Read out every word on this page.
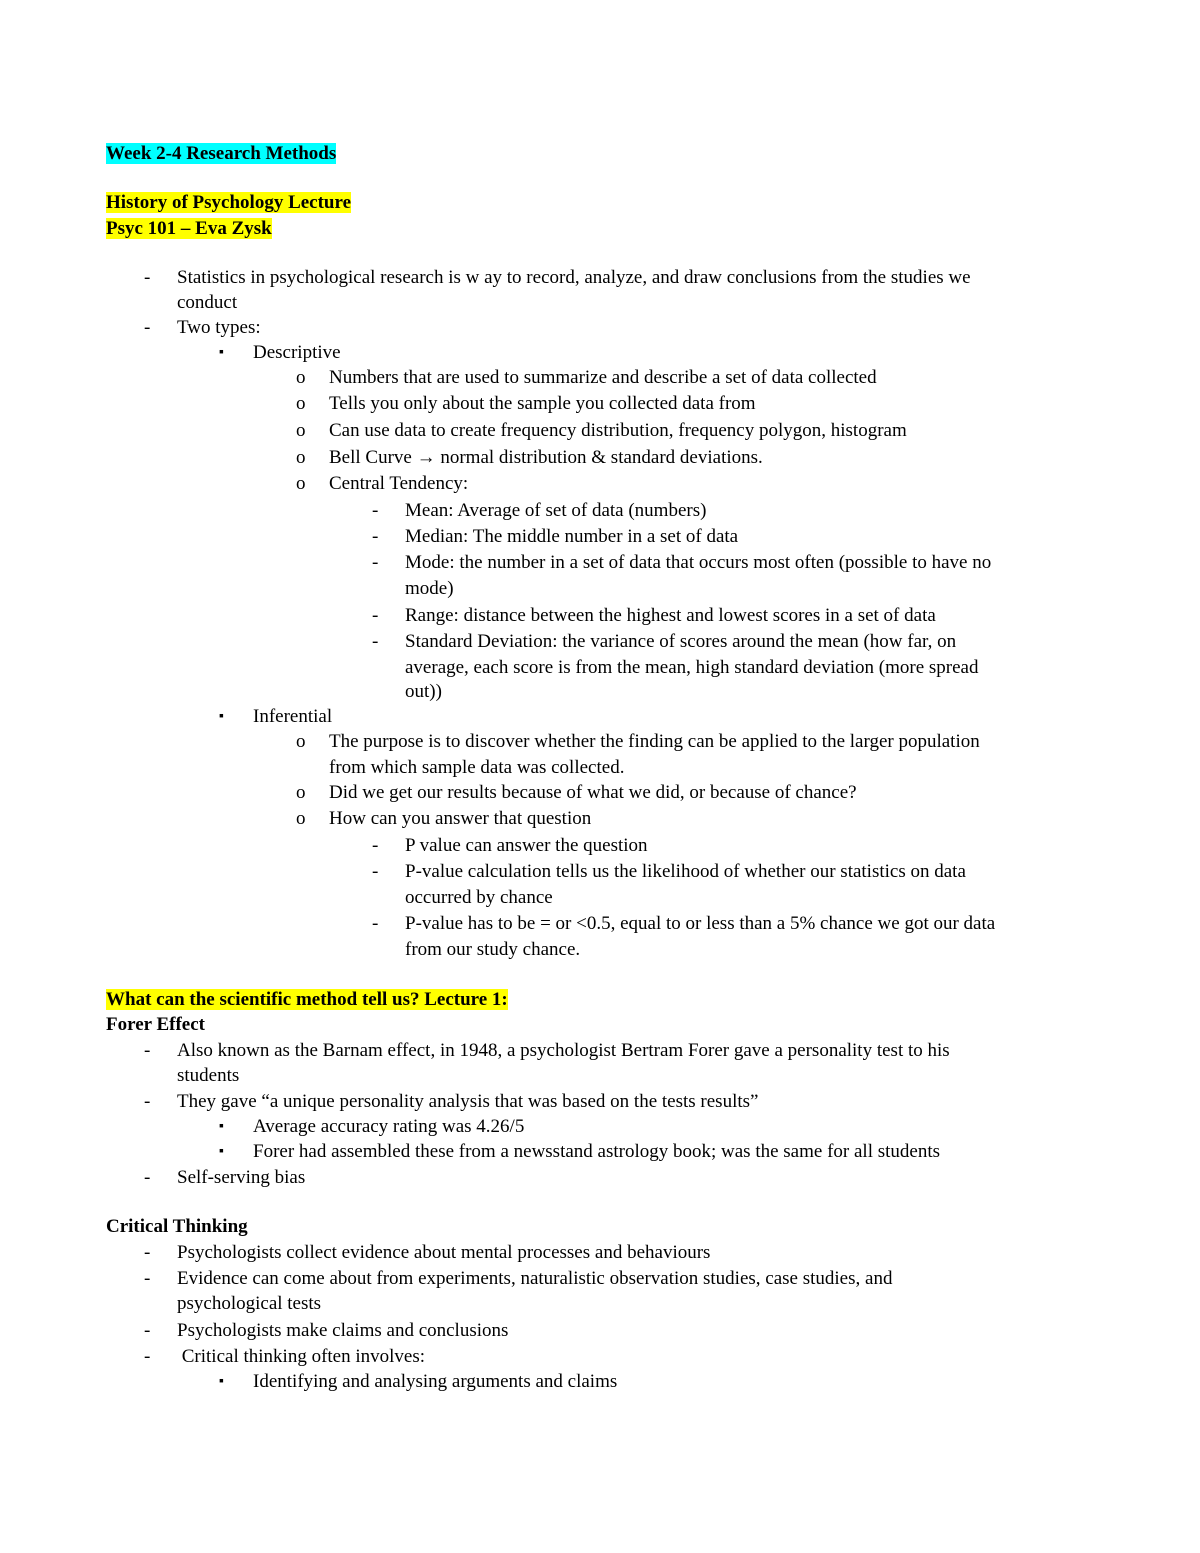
Week 2-4 Research Methods
History of Psychology Lecture
Psyc 101 – Eva Zysk
- Statistics in psychological research is w ay to record, analyze, and draw conclusions from the studies we
conduct
- Two types:
▪ Descriptive
o Numbers that are used to summarize and describe a set of data collected
o Tells you only about the sample you collected data from
o Can use data to create frequency distribution, frequency polygon, histogram
o Bell Curve → normal distribution & standard deviations.
o Central Tendency:
- Mean: Average of set of data (numbers)
- Median: The middle number in a set of data
- Mode: the number in a set of data that occurs most often (possible to have no
mode)
- Range: distance between the highest and lowest scores in a set of data
- Standard Deviation: the variance of scores around the mean (how far, on
average, each score is from the mean, high standard deviation (more spread
out))
▪ Inferential
o The purpose is to discover whether the finding can be applied to the larger population
from which sample data was collected.
o Did we get our results because of what we did, or because of chance?
o How can you answer that question
- P value can answer the question
- P-value calculation tells us the likelihood of whether our statistics on data
occurred by chance
- P-value has to be = or <0.5, equal to or less than a 5% chance we got our data
from our study chance.
What can the scientific method tell us? Lecture 1:
Forer Effect
- Also known as the Barnam effect, in 1948, a psychologist Bertram Forer gave a personality test to his
students
- They gave “a unique personality analysis that was based on the tests results”
▪ Average accuracy rating was 4.26/5
▪ Forer had assembled these from a newsstand astrology book; was the same for all students
- Self-serving bias
Critical Thinking
- Psychologists collect evidence about mental processes and behaviours
- Evidence can come about from experiments, naturalistic observation studies, case studies, and
psychological tests
- Psychologists make claims and conclusions
- Critical thinking often involves:
▪ Identifying and analysing arguments and claims
